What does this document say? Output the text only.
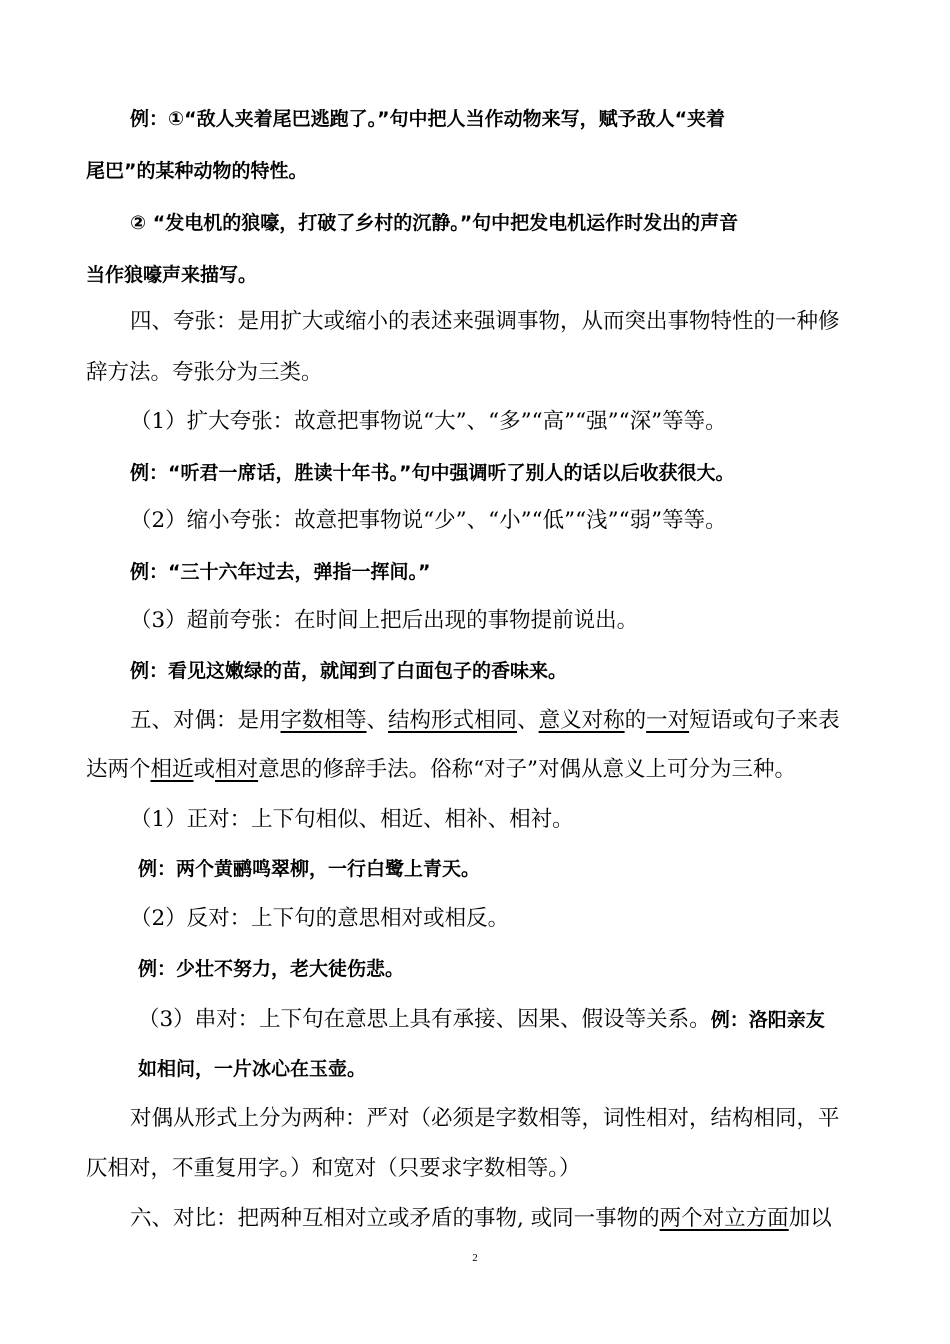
例：①“敌人夹着尾巴逃跑了。”句中把人当作动物来写，赋予敌人“夹着
尾巴”的某种动物的特性。
② “发电机的狼嚎，打破了乡村的沉静。”句中把发电机运作时发出的声音
当作狼嚎声来描写。
四、夸张：是用扩大或缩小的表述来强调事物，从而突出事物特性的一种修
辞方法。夸张分为三类。
（1）扩大夸张：故意把事物说“大”、“多”“高”“强”“深”等等。
例：“听君一席话，胜读十年书。”句中强调听了别人的话以后收获很大。
（2）缩小夸张：故意把事物说“少”、“小”“低”“浅”“弱”等等。
例：“三十六年过去，弹指一挥间。”
（3）超前夸张：在时间上把后出现的事物提前说出。
例：看见这嫩绿的苗，就闻到了白面包子的香味来。
五、对偶：是用字数相等、结构形式相同、意义对称的一对短语或句子来表
达两个相近或相对意思的修辞手法。俗称“对子”对偶从意义上可分为三种。
（1）正对：上下句相似、相近、相补、相衬。
例：两个黄鹂鸣翠柳，一行白鹭上青天。
（2）反对：上下句的意思相对或相反。
例：少壮不努力，老大徒伤悲。
（3）串对：上下句在意思上具有承接、因果、假设等关系。例：洛阳亲友
如相问，一片冰心在玉壶。
对偶从形式上分为两种：严对（必须是字数相等，词性相对，结构相同，平
仄相对，不重复用字。）和宽对（只要求字数相等。）
六、对比：把两种互相对立或矛盾的事物, 或同一事物的两个对立方面加以
2
